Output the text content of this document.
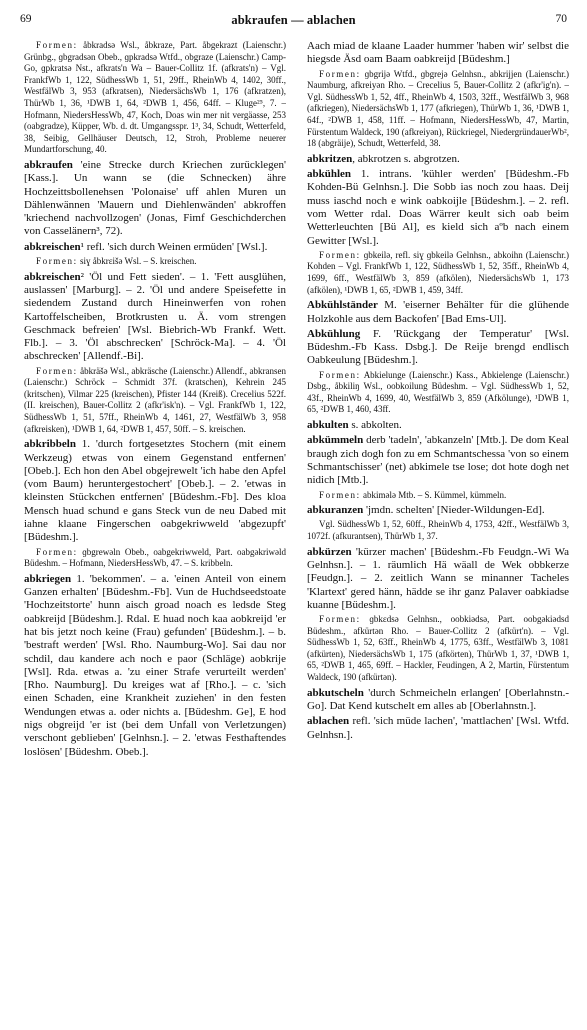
69	abkraufen — ablachen	70

Formen: åbkradsə Wsl., åbkraze, Part. åbgekrazt (Laienschr.) Grünbg., ɡbgradsən Obeb., ɡpkradsə Wtfd., obgraze (Laienschr.) Camp-Go, ɡpkratsə Nst., afkrats'n Wa – Bauer-Collitz 1f. (afkrats'n) – Vgl. FrankfWb 1, 122, SüdhessWb 1, 51, 29ff., RheinWb 4, 1402, 30ff., WestfälWb 3, 953 (afkratsen), NiedersächsWb 1, 176 (afkratzen), ThürWb 1, 36, ¹DWB 1, 64, ²DWB 1, 456, 64ff. – Kluge²⁵, 7. – Hofmann, NiedersHessWb, 47, Koch, Doas win mer nit vergäasse, 253 (oabgradze), Küpper, Wb. d. dt. Umgangsspr. 1³, 34, Schudt, Wetterfeld, 38, Seibig, Gellhäuser Deutsch, 12, Stroh, Probleme neuerer Mundartforschung, 40.

abkraufen 'eine Strecke durch Kriechen zurücklegen' [Kass.]. Un wann se (die Schnecken) ähre Hochzeittsbollenehsen 'Polonaise' uff ahlen Muren un Dählenwännen 'Mauern und Diehlenwänden' abkroffen 'kriechend nachvollzogen' (Jonas, Fimf Geschichderchen von Casselänern³, 72).

abkreischen¹ refl. 'sich durch Weinen ermüden' [Wsl.].

Formen: siɣ åbkrɛišə Wsl. – S. kreischen.

abkreischen² 'Öl und Fett sieden'. – 1. 'Fett ausglühen, auslassen' [Marburg]. – 2. 'Öl und andere Speisefette in siedendem Zustand durch Hineinwerfen von rohen Kartoffelscheiben, Brotkrusten u. Ä. vom strengen Geschmack befreien' [Wsl. Biebrich-Wb Frankf. Wett. Flb.]. – 3. 'Öl abschrecken' [Schröck-Ma]. – 4. 'Öl abschrecken' [Allendf.-Bi].

Formen: åbkräšə Wsl., abkräsche (Laienschr.) Allendf., abkransen (Laienschr.) Schröck – Schmidt 37f. (kratschen), Kehrein 245 (kritschen), Vilmar 225 (kreischen), Pfister 144 (Kreiß). Crecelius 522f. (II. kreischen), Bauer-Collitz 2 (afkr'isk'n). – Vgl. FrankfWb 1, 122, SüdhessWb 1, 51, 57ff., RheinWb 4, 1461, 27, WestfälWb 3, 958 (afkreisken), ¹DWB 1, 64, ²DWB 1, 457, 50ff. – S. kreischen.

abkribbeln 1. 'durch fortgesetztes Stochern (mit einem Werkzeug) etwas von einem Gegenstand entfernen' [Obeb.]. Ech hon den Abel obgejrewelt 'ich habe den Apfel (vom Baum) heruntergestochert' [Obeb.]. – 2. 'etwas in kleinsten Stückchen entfernen' [Büdeshm.-Fb]. Des kloa Mensch huad schund e gans Steck vun de neu Dabed mit iahne klaane Fingerschen oabgekriwweld 'abgezupft' [Büdeshm.].

Formen: ɡbgrewəln Obeb., oabgekriwweld, Part. oabgəkriwəld Büdeshm. – Hofmann, NiedersHessWb, 47. – S. kribbeln.

abkriegen 1. 'bekommen'. – a. 'einen Anteil von einem Ganzen erhalten' [Büdeshm.-Fb]. Vun de Huchdseedstoate 'Hochzeitstorte' hunn aisch groad noach es ledsde Steg oabkreijd [Büdeshm.]. Rdal. E huad noch kaa aobkreijd 'er hat bis jetzt noch keine (Frau) gefunden' [Büdeshm.]. – b. 'bestraft werden' [Wsl. Rho. Naumburg-Wo]. Sai dau nor schdil, dau kandere ach noch e paor (Schläge) aobkrije [Wsl]. Rda. etwas a. 'zu einer Strafe verurteilt werden' [Rho. Naumburg]. Du kreiges wat af [Rho.]. – c. 'sich einen Schaden, eine Krankheit zuziehen' in den festen Wendungen etwas a. oder nichts a. [Büdeshm. Ge], E hod nigs obgreijd 'er ist (bei dem Unfall von Verletzungen) verschont geblieben' [Gelnhsn.]. – 2. 'etwas Festhaftendes loslösen' [Büdeshm. Obeb.].

Aach miad de klaane Laader hummer 'haben wir' selbst die hiegsde Äsd oam Baam oabkreijd [Büdeshm.]

Formen: ɡbgrijə Wtfd., ɡbgrejə Gelnhsn., abkrijjen (Laienschr.) Naumburg, afkreiyən Rho. – Crecelius 5, Bauer-Collitz 2 (afkr'ig'n). – Vgl. SüdhessWb 1, 52, 4ff., RheinWb 4, 1503, 32ff., WestfälWb 3, 968 (afkriegen), NiedersächsWb 1, 177 (afkriegen), ThürWb 1, 36, ¹DWB 1, 64f., ²DWB 1, 458, 11ff. – Hofmann, NiedersHessWb, 47, Martin, Fürstentum Waldeck, 190 (afkreiyən), Rückriegel, NiedergründauerWb², 18 (abgräije), Schudt, Wetterfeld, 38.

abkritzen, abkrotzen s. abgrotzen.

abkühlen 1. intrans. 'kühler werden' [Büdeshm.-Fb Kohden-Bü Gelnhsn.]. Die Sobb ias noch zou haas. Deij muss iaschd noch e wink oabkoijle [Büdeshm.]. – 2. refl. vom Wetter rdal. Doas Wärrer keult sich oab beim Wetterleuchten [Bü Al], es kield sich aºb nach einem Gewitter [Wsl.].

Formen: ɡbkeilə, refl. siɣ ɡbkeilə Gelnhsn., abkoihn (Laienschr.) Kohden – Vgl. FrankfWb 1, 122, SüdhessWb 1, 52, 35ff., RheinWb 4, 1699, 6ff., WestfälWb 3, 859 (afkölen), NiedersächsWb 1, 173 (afkölen), ¹DWB 1, 65, ²DWB 1, 459, 34ff.

Abkühlständer M. 'eiserner Behälter für die glühende Holzkohle aus dem Backofen' [Bad Ems-Ul].

Abkühlung F. 'Rückgang der Temperatur' [Wsl. Büdeshm.-Fb Kass. Dsbg.]. De Reije brengd endlisch Oabkeulung [Büdeshm.].

Formen: Abkielunge (Laienschr.) Kass., Abkielenge (Laienschr.) Dsbg., åbkiliŋ Wsl., oobkoilung Büdeshm. – Vgl. SüdhessWb 1, 52, 43f., RheinWb 4, 1699, 40, WestfälWb 3, 859 (Afkölunge), ¹DWB 1, 65, ²DWB 1, 460, 43ff.

abkulten s. abkolten.

abkümmeln derb 'tadeln', 'abkanzeln' [Mtb.]. De dom Keal braugh zich dogh fon zu em Schmantschessa 'von so einem Schmantschisser' (net) abkimele tse lose; dot hote dogh net nidich [Mtb.].

Formen: abkimələ Mtb. – S. Kümmel, kümmeln.

abkuranzen 'jmdn. schelten' [Nieder-Wildungen-Ed].

Vgl. SüdhessWb 1, 52, 60ff., RheinWb 4, 1753, 42ff., WestfälWb 3, 1072f. (afkurantsen), ThürWb 1, 37.

abkürzen 'kürzer machen' [Büdeshm.-Fb Feudgn.-Wi Wa Gelnhsn.]. – 1. räumlich Hä wäall de Wek obbkerze [Feudgn.]. – 2. zeitlich Wann se minanner Tacheles 'Klartext' gered hänn, hädde se ihr ganz Palaver oabkiadse kuanne [Büdeshm.].

Formen: ɡbkɛdsə Gelnhsn., oobkiədsə, Part. oobgəkiədsd Büdeshm., afkürtən Rho. – Bauer-Collitz 2 (afkürt'n). – Vgl. SüdhessWb 1, 52, 63ff., RheinWb 4, 1775, 63ff., WestfälWb 3, 1081 (afkürten), NiedersächsWb 1, 175 (afkörten), ThürWb 1, 37, ¹DWB 1, 65, ²DWB 1, 465, 69ff. – Hackler, Feudingen, A 2, Martin, Fürstentum Waldeck, 190 (afkürtən).

abkutscheln 'durch Schmeicheln erlangen' [Oberlahnstn.-Go]. Dat Kend kutschelt em alles ab [Oberlahnstn.].

ablachen refl. 'sich müde lachen', 'mattlachen' [Wsl. Wtfd. Gelnhsn.].
